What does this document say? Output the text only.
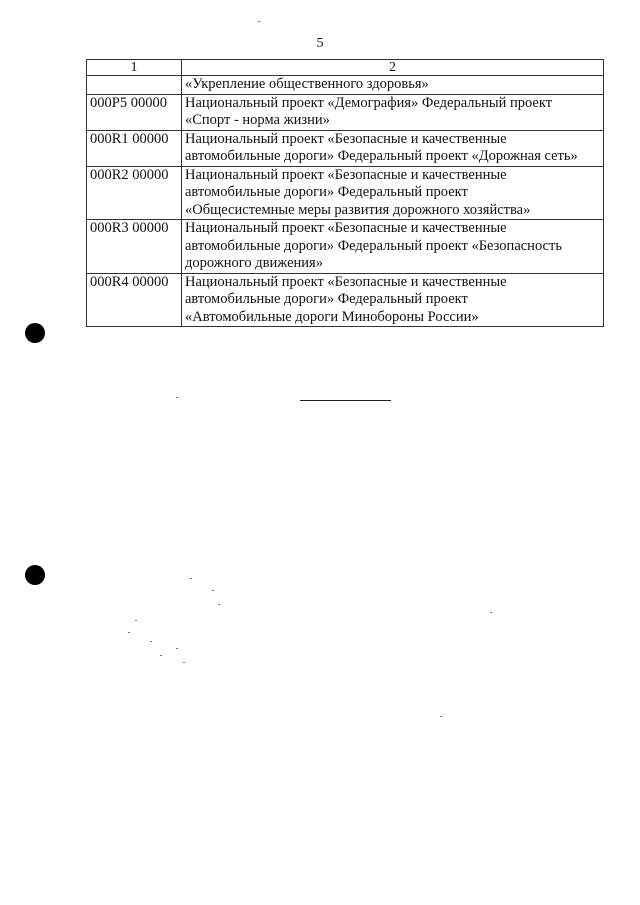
5
1	2
	«Укрепление общественного здоровья»
000P5 00000	Национальный проект «Демография» Федеральный проект
«Спорт - норма жизни»
000R1 00000	Национальный проект «Безопасные и качественные
автомобильные дороги» Федеральный проект «Дорожная сеть»
000R2 00000	Национальный проект «Безопасные и качественные
автомобильные дороги» Федеральный проект
«Общесистемные меры развития дорожного хозяйства»
000R3 00000	Национальный проект «Безопасные и качественные
автомобильные дороги» Федеральный проект «Безопасность
дорожного движения»
000R4 00000	Национальный проект «Безопасные и качественные
автомобильные дороги» Федеральный проект
«Автомобильные дороги Минобороны России»
